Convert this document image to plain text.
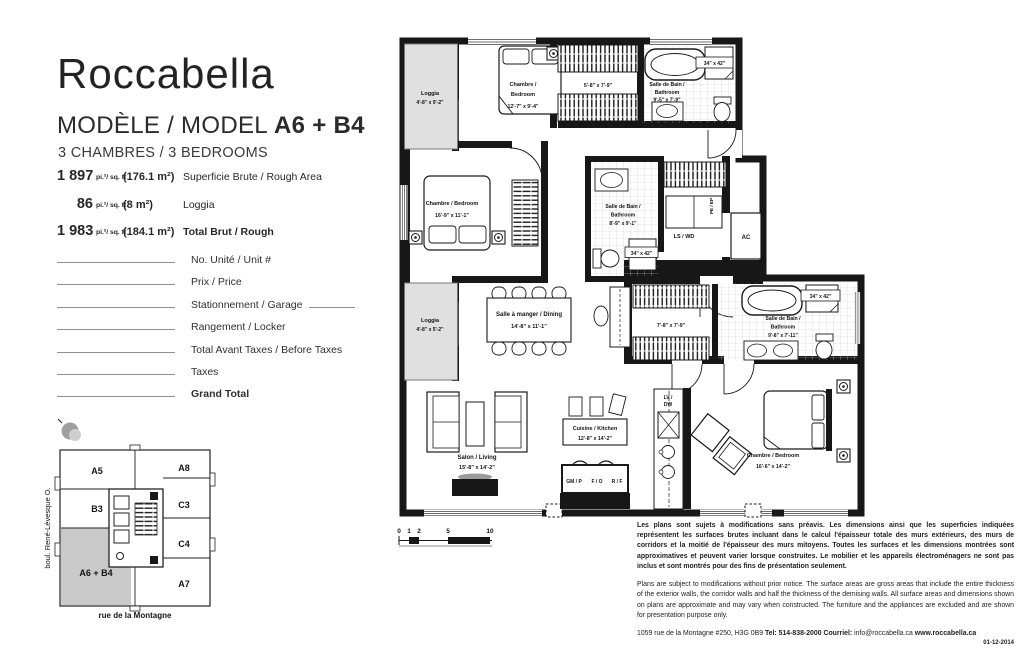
Roccabella
MODÈLE / MODEL A6 + B4
3 CHAMBRES / 3 BEDROOMS
1 897 pi.²/ sq. ft(176.1 m²) Superficie Brute / Rough Area
86 pi.²/ sq. ft(8 m²)	Loggia
1 983 pi.²/ sq. ft(184.1 m²) Total Brut / Rough
No. Unité / Unit #
Prix / Price
Stationnement / Garage
Rangement / Locker
Total Avant Taxes / Before Taxes
Taxes
Grand Total
Loggia
4'-8" x 9'-2"
Loggia
4'-8" x 5'-2"
Chambre /
Bedroom
12'-7" x 9'-4"
5'-8" x 7'-9"
34" x 42"
Salle de Bain /
Bathroom
9'-5" x 7'-9"
Chambre / Bedroom
16'-9" x 11'-1"
34" x 42"
Salle de Bain /
Bathroom
8'-9" x 9'-1"
LS / WD
PE / EP
AC
Salle à manger / Dining
14'-8" x 11'-1"	7'-8" x 7'-9"
34" x 42"
Salle de Bain /
Bathroom
9'-8" x 7'-11"
Salon / Living
15'-8" x 14'-2"
Cuisine / Kitchen
12'-8" x 14'-2"
GM / P F / O R / F
LV /
DW
Chambre / Bedroom
16'-6" x 14'-2"
0 1 2	5	10
A5	A8
B3	C3
C4
A6 + B4
A7
boul. René-Lévesque O.
rue de la Montagne

Les plans sont sujets à modifications sans préavis. Les dimensions ainsi que les superficies indiquées représentent les surfaces brutes incluant dans le calcul l'épaisseur totale des murs extérieurs, des murs de corridors et la moitié de l'épaisseur des murs mitoyens. Toutes les surfaces et les dimensions montrées sont approximatives et peuvent varier lorsque construites. Le mobilier et les appareils électroménagers ne sont pas inclus et sont montrés pour des fins de présentation seulement.

Plans are subject to modifications without prior notice. The surface areas are gross areas that include the entire thickness of the exterior walls, the corridor walls and half the thickness of the demising walls. All surface areas and dimensions shown on plans are approximate and may vary when constructed. The furniture and the appliances are excluded and are shown for presentation purpose only.

1059 rue de la Montagne #250, H3G 0B9 Tel: 514-838-2000 Courriel: info@roccabella.ca www.roccabella.ca

01-12-2014
